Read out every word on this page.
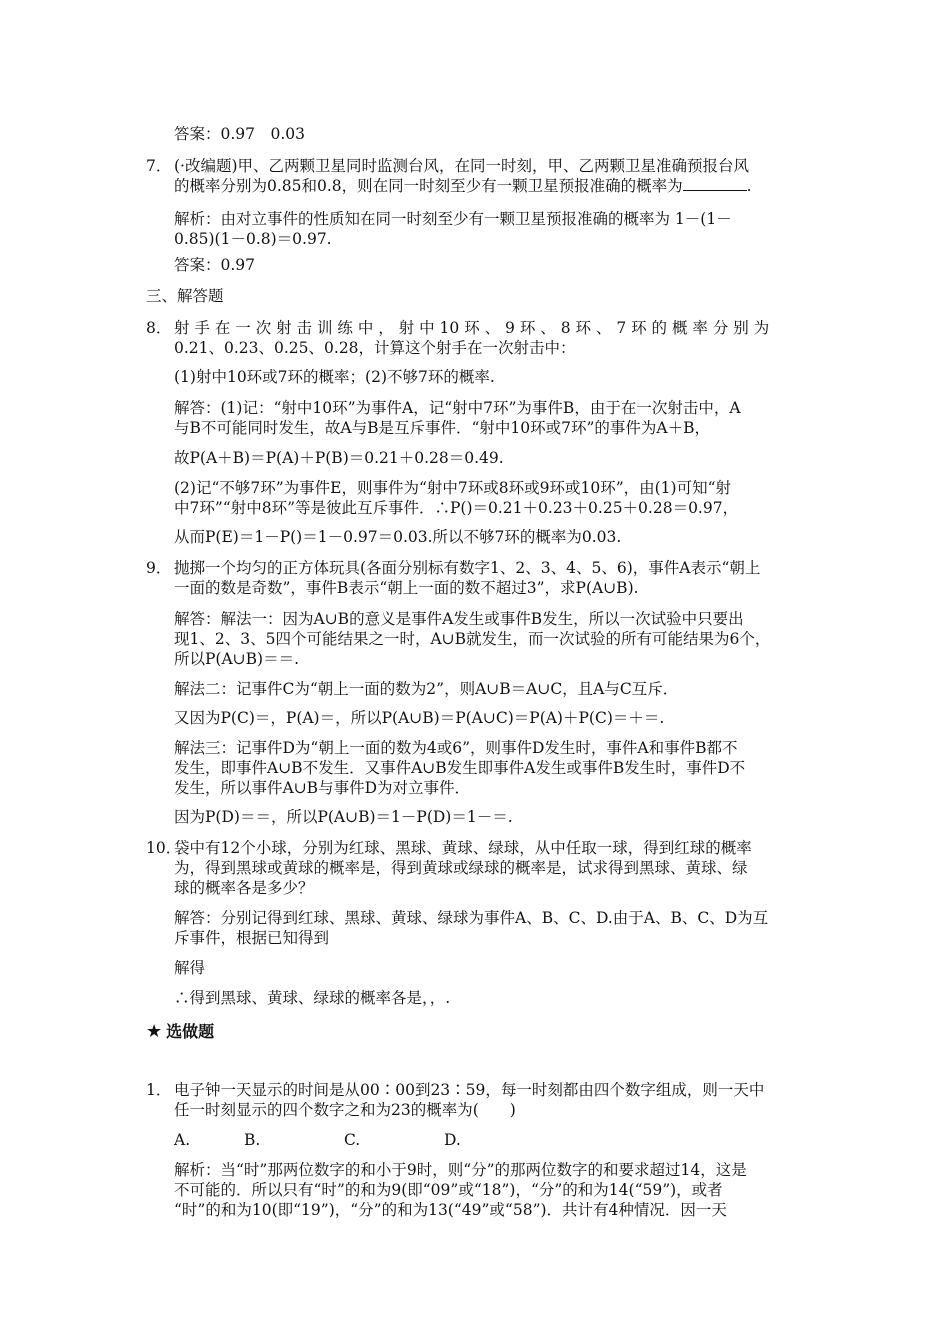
答案：0.97　0.03
7． (·改编题)甲、乙两颗卫星同时监测台风，在同一时刻，甲、乙两颗卫星准确预报台风
的概率分别为0.85和0.8，则在同一时刻至少有一颗卫星预报准确的概率为	.
解析：由对立事件的性质知在同一时刻至少有一颗卫星预报准确的概率为 1－(1－
0.85)(1－0.8)＝0.97.
答案：0.97
三、解答题
8． 射 手 在 一 次 射 击 训 练 中 ， 射 中 10 环 、 9 环 、 8 环 、 7 环 的 概 率 分 别 为
0.21、0.23、0.25、0.28，计算这个射手在一次射击中：
(1)射中10环或7环的概率；(2)不够7环的概率.
解答：(1)记：“射中10环”为事件A，记“射中7环”为事件B，由于在一次射击中，A
与B不可能同时发生，故A与B是互斥事件．“射中10环或7环”的事件为A＋B，
故P(A＋B)＝P(A)＋P(B)＝0.21＋0.28＝0.49.
(2)记“不够7环”为事件E，则事件为“射中7环或8环或9环或10环”，由(1)可知“射
中7环”“射中8环”等是彼此互斥事件．∴P()＝0.21＋0.23＋0.25＋0.28＝0.97，
从而P(E)＝1－P()＝1－0.97＝0.03.所以不够7环的概率为0.03.
9． 抛掷一个均匀的正方体玩具(各面分别标有数字1、2、3、4、5、6)，事件A表示“朝上
一面的数是奇数”，事件B表示“朝上一面的数不超过3”，求P(A∪B).
解答：解法一：因为A∪B的意义是事件A发生或事件B发生，所以一次试验中只要出
现1、2、3、5四个可能结果之一时，A∪B就发生，而一次试验的所有可能结果为6个，
所以P(A∪B)＝＝.
解法二：记事件C为“朝上一面的数为2”，则A∪B＝A∪C，且A与C互斥．
又因为P(C)＝，P(A)＝，所以P(A∪B)＝P(A∪C)＝P(A)＋P(C)＝＋＝.
解法三：记事件D为“朝上一面的数为4或6”，则事件D发生时，事件A和事件B都不
发生，即事件A∪B不发生．又事件A∪B发生即事件A发生或事件B发生时，事件D不
发生，所以事件A∪B与事件D为对立事件．
因为P(D)＝＝，所以P(A∪B)＝1－P(D)＝1－＝.
10．
袋中有12个小球，分别为红球、黑球、黄球、绿球，从中任取一球，得到红球的概率
为，得到黑球或黄球的概率是，得到黄球或绿球的概率是，试求得到黑球、黄球、绿
球的概率各是多少？
解答：分别记得到红球、黑球、黄球、绿球为事件A、B、C、D.由于A、B、C、D为互
斥事件，根据已知得到
解得
∴得到黑球、黄球、绿球的概率各是，，.
★ 选做题
1． 电子钟一天显示的时间是从00∶00到23∶59，每一时刻都由四个数字组成，则一天中
任一时刻显示的四个数字之和为23的概率为(　　)
A.	B.	C.	D.
解析：当“时”那两位数字的和小于9时，则“分”的那两位数字的和要求超过14，这是
不可能的．所以只有“时”的和为9(即“09”或“18”)，“分”的和为14(“59”)，或者
“时”的和为10(即“19”)，“分”的和为13(“49”或“58”)．共计有4种情况．因一天
